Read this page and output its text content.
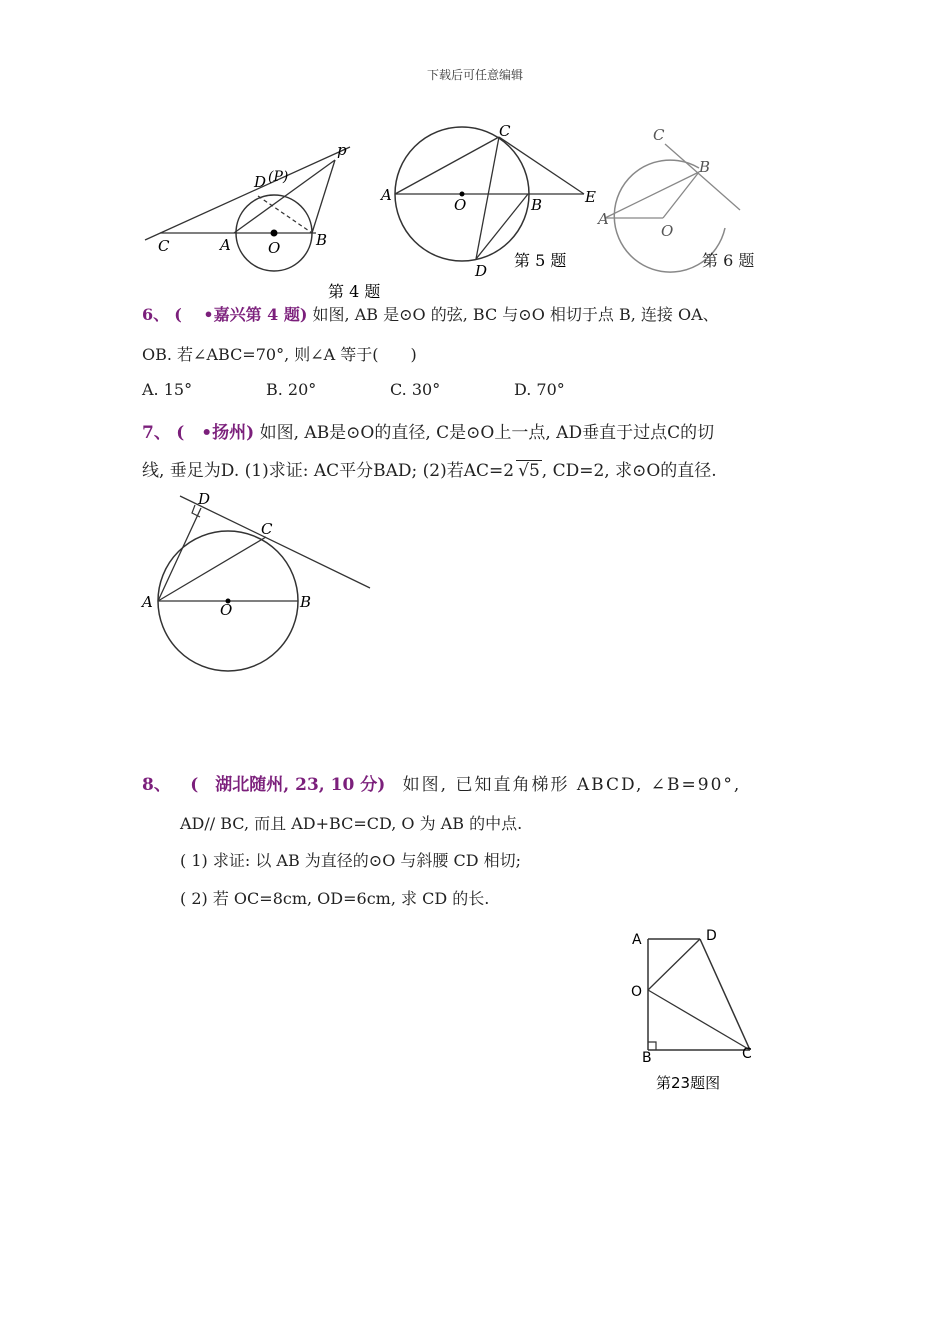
下载后可任意编辑
C	A O B
D (P)
p
第 4 题
A
O	B
C
D
E
第 5 题
A
O
B
C
第 6 题
6、 (　 •嘉兴第 4 题) 如图, AB 是⊙O 的弦, BC 与⊙O 相切于点 B, 连接 OA、
OB. 若∠ABC=70°, 则∠A 等于(　　)
A. 15°	B. 20°	C. 30°	D. 70°
7、 (　•扬州) 如图, AB是⊙O的直径, C是⊙O上一点, AD垂直于过点C的切
线, 垂足为D. (1)求证: AC平分BAD; (2)若AC=2 √5 , CD=2, 求⊙O的直径.
A	O	B
C
D
8、 (　湖北随州, 23, 10 分) 如图, 已知直角梯形 ABCD, ∠B=90°,
AD// BC, 而且 AD+BC=CD, O 为 AB 的中点.
( 1) 求证: 以 AB 为直径的⊙O 与斜腰 CD 相切;
( 2) 若 OC=8cm, OD=6cm, 求 CD 的长.
A	D
O
B	C
第23题图
